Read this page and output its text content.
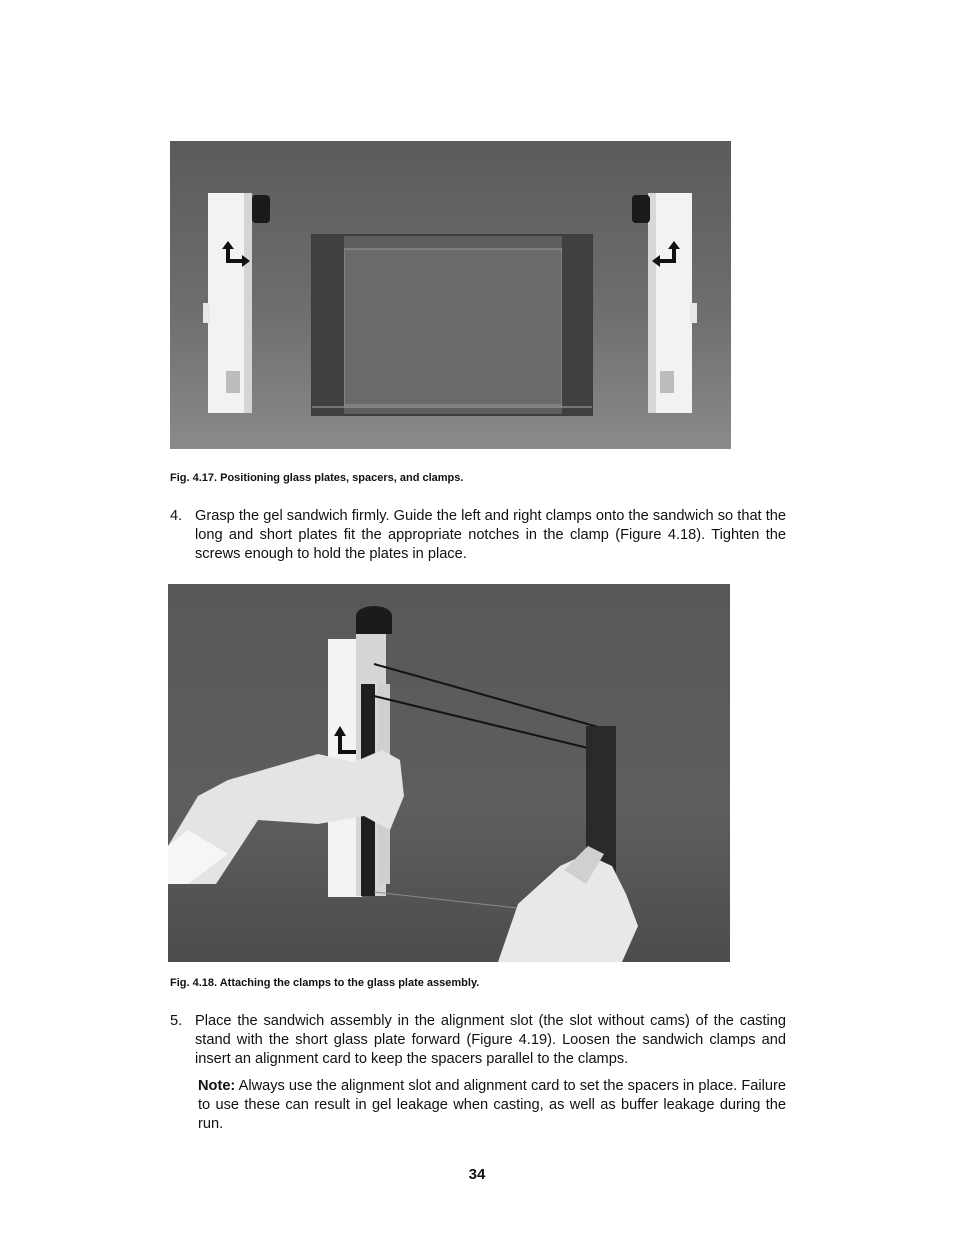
Fig. 4.17. Positioning glass plates, spacers, and clamps.
4. Grasp the gel sandwich firmly. Guide the left and right clamps onto the sandwich so that the long and short plates fit the appropriate notches in the clamp (Figure 4.18). Tighten the screws enough to hold the plates in place.
Fig. 4.18. Attaching the clamps to the glass plate assembly.
5. Place the sandwich assembly in the alignment slot (the slot without cams) of the casting stand with the short glass plate forward (Figure 4.19). Loosen the sandwich clamps and insert an alignment card to keep the spacers parallel to the clamps.
Note: Always use the alignment slot and alignment card to set the spacers in place. Failure to use these can result in gel leakage when casting, as well as buffer leakage during the run.
34
